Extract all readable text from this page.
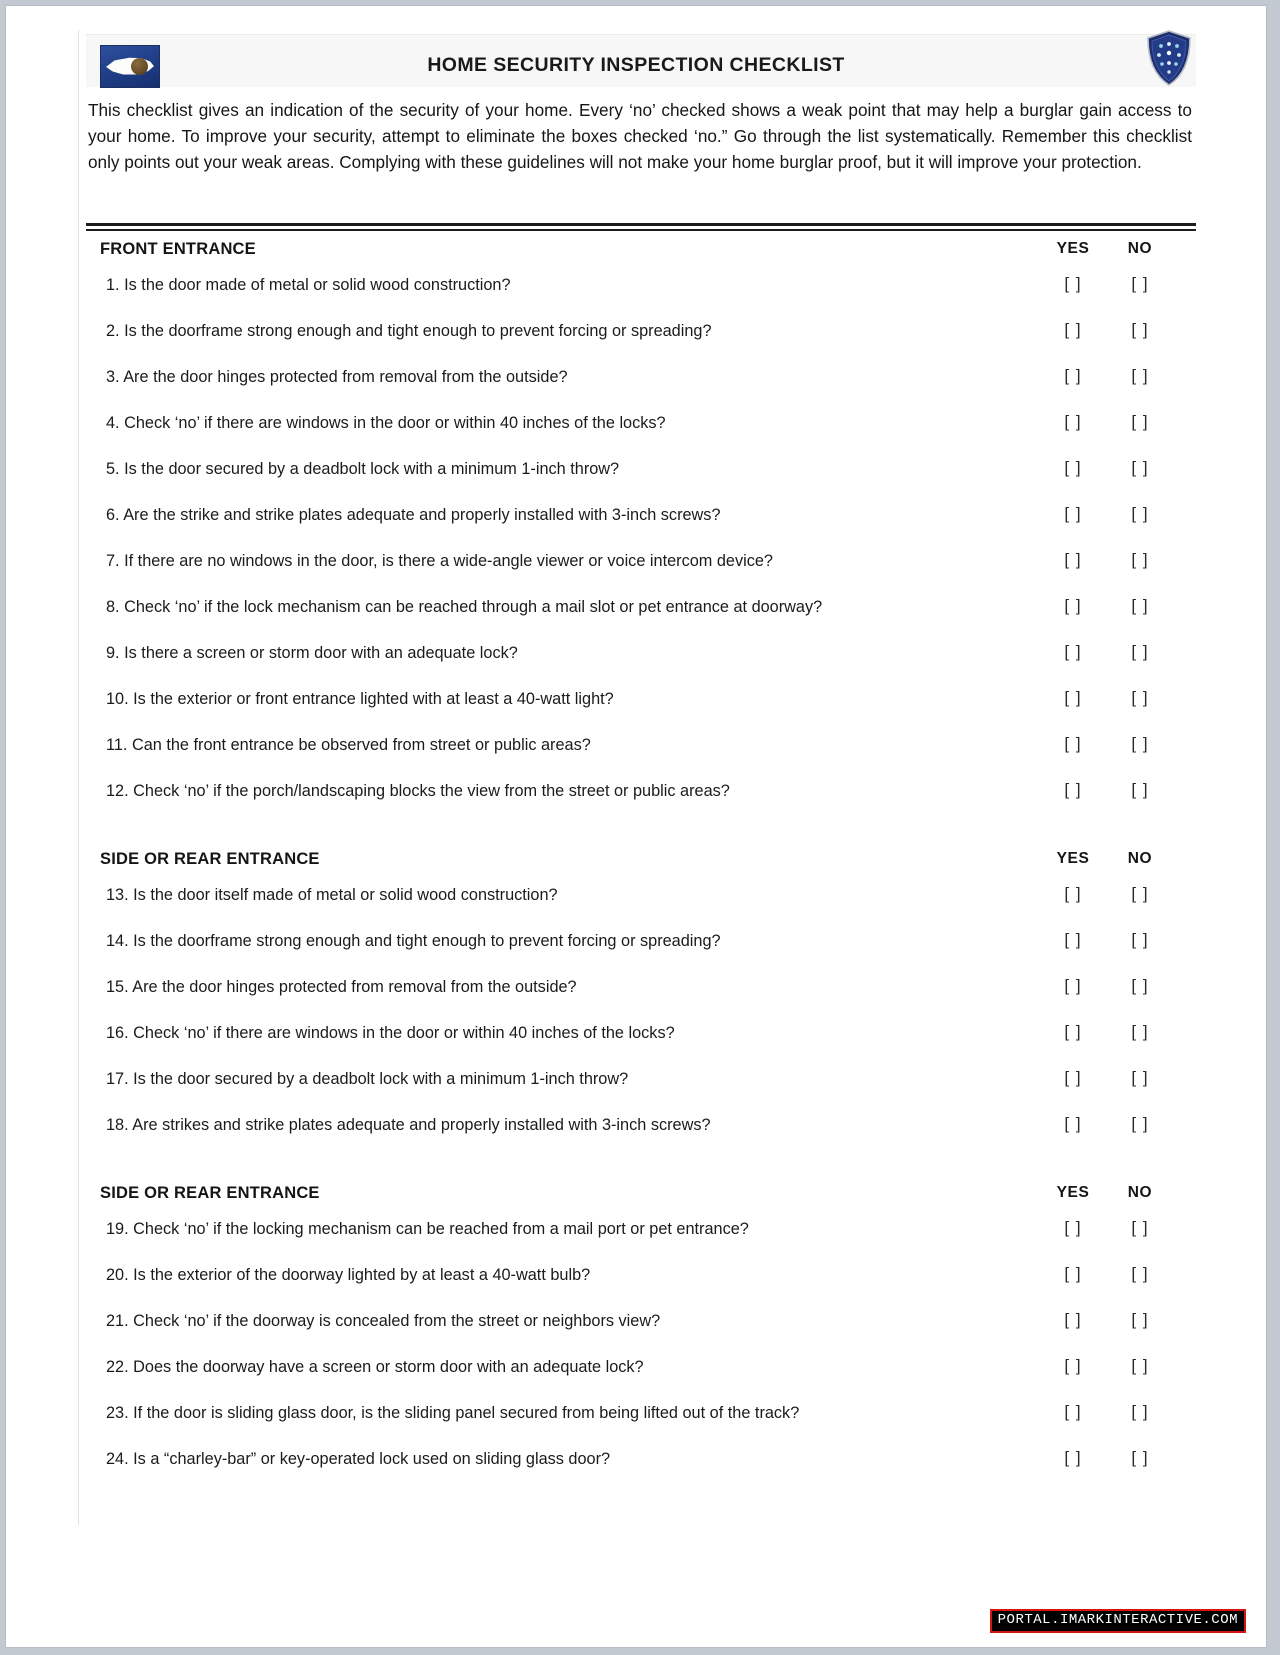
HOME SECURITY INSPECTION CHECKLIST
This checklist gives an indication of the security of your home. Every ‘no’ checked shows a weak point that may help a burglar gain access to your home. To improve your security, attempt to eliminate the boxes checked ‘no.” Go through the list systematically. Remember this checklist only points out your weak areas. Complying with these guidelines will not make your home burglar proof, but it will improve your protection.
FRONT ENTRANCE	YES	NO
1. Is the door made of metal or solid wood construction?	[ ]	[ ]
2. Is the doorframe strong enough and tight enough to prevent forcing or spreading?	[ ]	[ ]
3. Are the door hinges protected from removal from the outside?	[ ]	[ ]
4. Check ‘no’ if there are windows in the door or within 40 inches of the locks?	[ ]	[ ]
5. Is the door secured by a deadbolt lock with a minimum 1-inch throw?	[ ]	[ ]
6. Are the strike and strike plates adequate and properly installed with 3-inch screws?	[ ]	[ ]
7. If there are no windows in the door, is there a wide-angle viewer or voice intercom device?	[ ]	[ ]
8. Check ‘no’ if the lock mechanism can be reached through a mail slot or pet entrance at doorway?	[ ]	[ ]
9. Is there a screen or storm door with an adequate lock?	[ ]	[ ]
10. Is the exterior or front entrance lighted with at least a 40-watt light?	[ ]	[ ]
11. Can the front entrance be observed from street or public areas?	[ ]	[ ]
12. Check ‘no’ if the porch/landscaping blocks the view from the street or public areas?	[ ]	[ ]
SIDE OR REAR ENTRANCE	YES	NO
13. Is the door itself made of metal or solid wood construction?	[ ]	[ ]
14. Is the doorframe strong enough and tight enough to prevent forcing or spreading?	[ ]	[ ]
15. Are the door hinges protected from removal from the outside?	[ ]	[ ]
16. Check ‘no’ if there are windows in the door or within 40 inches of the locks?	[ ]	[ ]
17. Is the door secured by a deadbolt lock with a minimum 1-inch throw?	[ ]	[ ]
18. Are strikes and strike plates adequate and properly installed with 3-inch screws?	[ ]	[ ]
SIDE OR REAR ENTRANCE	YES	NO
19. Check ‘no’ if the locking mechanism can be reached from a mail port or pet entrance?	[ ]	[ ]
20. Is the exterior of the doorway lighted by at least a 40-watt bulb?	[ ]	[ ]
21. Check ‘no’ if the doorway is concealed from the street or neighbors view?	[ ]	[ ]
22. Does the doorway have a screen or storm door with an adequate lock?	[ ]	[ ]
23. If the door is sliding glass door, is the sliding panel secured from being lifted out of the track?	[ ]	[ ]
24. Is a “charley-bar” or key-operated lock used on sliding glass door?	[ ]	[ ]
PORTAL.IMARKINTERACTIVE.COM
